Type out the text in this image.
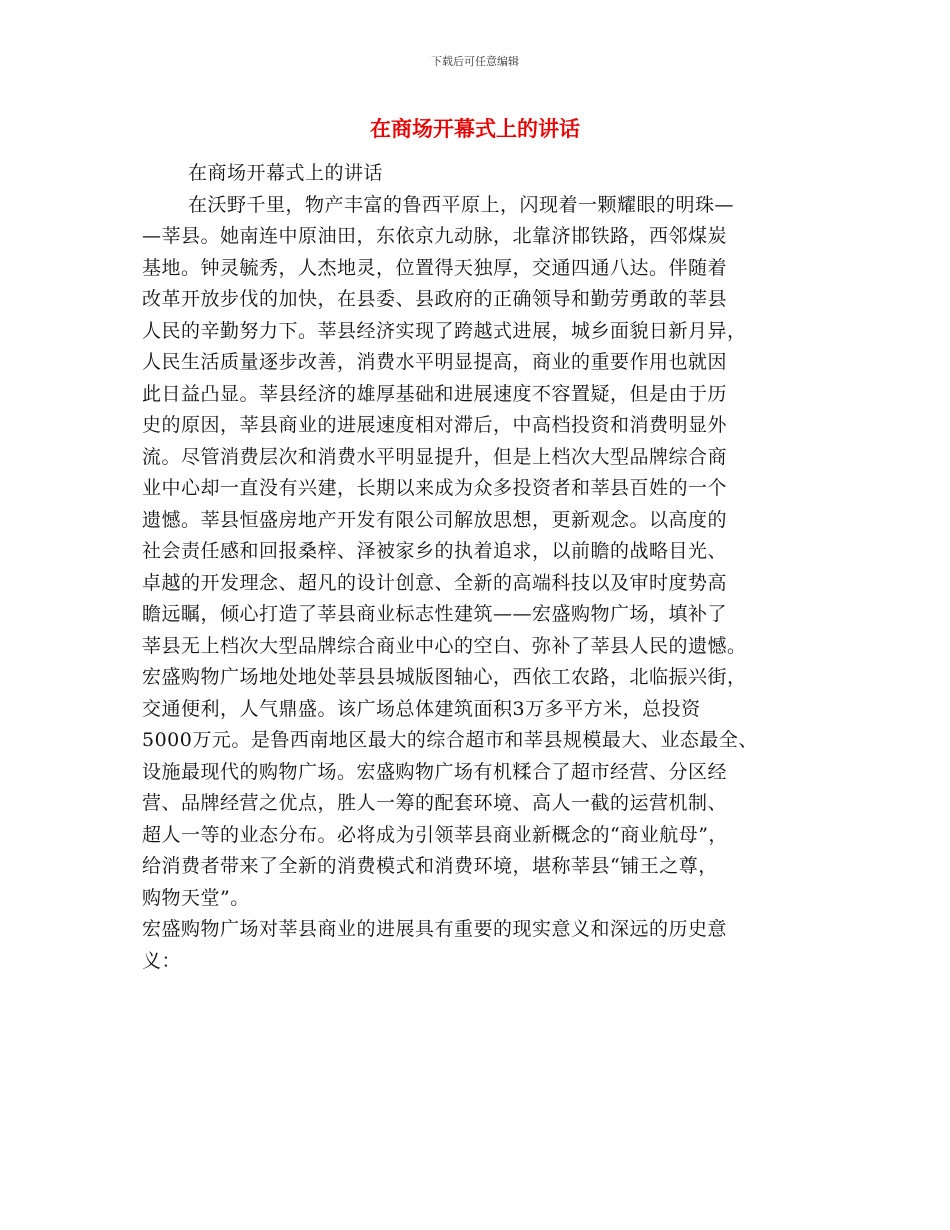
下载后可任意编辑
在商场开幕式上的讲话
在商场开幕式上的讲话
在沃野千里，物产丰富的鲁西平原上，闪现着一颗耀眼的明珠—
—莘县。她南连中原油田，东依京九动脉，北靠济邯铁路，西邻煤炭
基地。钟灵毓秀，人杰地灵，位置得天独厚，交通四通八达。伴随着
改革开放步伐的加快，在县委、县政府的正确领导和勤劳勇敢的莘县
人民的辛勤努力下。莘县经济实现了跨越式进展，城乡面貌日新月异，
人民生活质量逐步改善，消费水平明显提高，商业的重要作用也就因
此日益凸显。莘县经济的雄厚基础和进展速度不容置疑，但是由于历
史的原因，莘县商业的进展速度相对滞后，中高档投资和消费明显外
流。尽管消费层次和消费水平明显提升，但是上档次大型品牌综合商
业中心却一直没有兴建，长期以来成为众多投资者和莘县百姓的一个
遗憾。莘县恒盛房地产开发有限公司解放思想，更新观念。以高度的
社会责任感和回报桑梓、泽被家乡的执着追求，以前瞻的战略目光、
卓越的开发理念、超凡的设计创意、全新的高端科技以及审时度势高
瞻远瞩，倾心打造了莘县商业标志性建筑——宏盛购物广场，填补了
莘县无上档次大型品牌综合商业中心的空白、弥补了莘县人民的遗憾。
宏盛购物广场地处地处莘县县城版图轴心，西依工农路，北临振兴街，
交通便利，人气鼎盛。该广场总体建筑面积3万多平方米，总投资
5000万元。是鲁西南地区最大的综合超市和莘县规模最大、业态最全、
设施最现代的购物广场。宏盛购物广场有机糅合了超市经营、分区经
营、品牌经营之优点，胜人一筹的配套环境、高人一截的运营机制、
超人一等的业态分布。必将成为引领莘县商业新概念的“商业航母”，
给消费者带来了全新的消费模式和消费环境，堪称莘县“铺王之尊，
购物天堂”。
宏盛购物广场对莘县商业的进展具有重要的现实意义和深远的历史意
义：
